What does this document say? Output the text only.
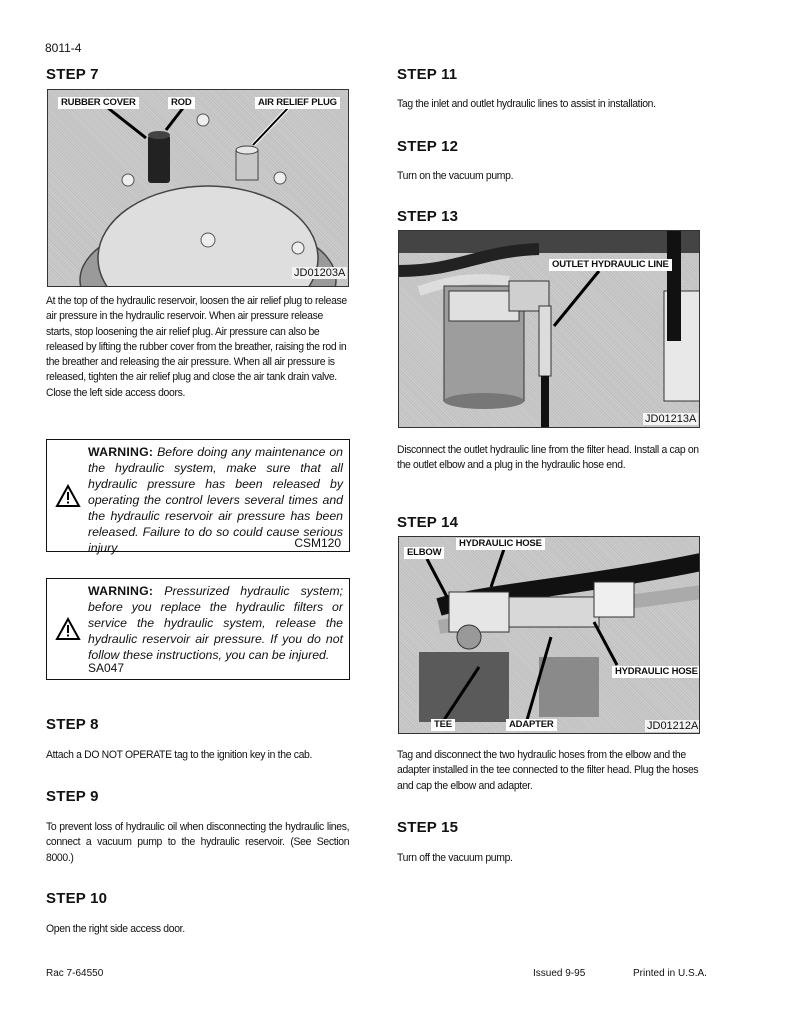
8011-4
STEP 7
RUBBER COVER	ROD	AIR RELIEF PLUG
JD01203A

At the top of the hydraulic reservoir, loosen the air relief plug to release air pressure in the hydraulic reservoir. When air pressure release starts, stop loosening the air relief plug. Air pressure can also be released by lifting the rubber cover from the breather, raising the rod in the breather and releasing the air pressure. When all air pressure is released, tighten the air relief plug and close the air tank drain valve. Close the left side access doors.

WARNING: Before doing any maintenance on the hydraulic system, make sure that all hydraulic pressure has been released by operating the control levers several times and the hydraulic reservoir air pressure has been released. Failure to do so could cause serious injury.	CSM120
WARNING: Pressurized hydraulic system; before you replace the hydraulic filters or service the hydraulic system, release the hydraulic reservoir air pressure. If you do not follow these instructions, you can be injured.
SA047
STEP 8

Attach a DO NOT OPERATE tag to the ignition key in the cab.

STEP 9

To prevent loss of hydraulic oil when disconnecting the hydraulic lines, connect a vacuum pump to the hydraulic reservoir. (See Section 8000.)

STEP 10

Open the right side access door.

STEP 11

Tag the inlet and outlet hydraulic lines to assist in installation.

STEP 12

Turn on the vacuum pump.

STEP 13
OUTLET HYDRAULIC LINE
JD01213A

Disconnect the outlet hydraulic line from the filter head. Install a cap on the outlet elbow and a plug in the hydraulic hose end.

STEP 14
ELBOW
HYDRAULIC HOSE
HYDRAULIC HOSE
TEE	ADAPTER	JD01212A

Tag and disconnect the two hydraulic hoses from the elbow and the adapter installed in the tee connected to the filter head. Plug the hoses and cap the elbow and adapter.

STEP 15

Turn off the vacuum pump.

Rac 7-64550	Issued 9-95	Printed in U.S.A.
